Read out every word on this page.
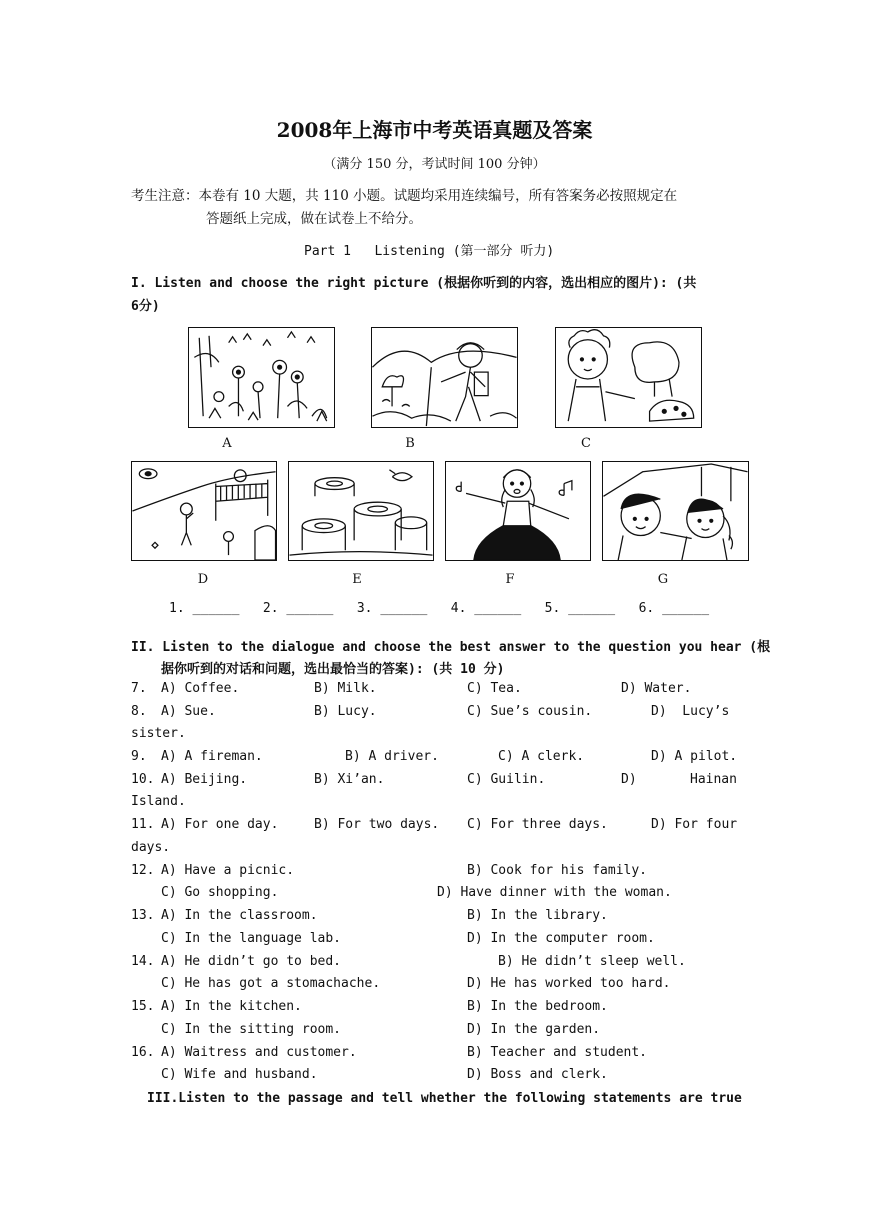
2008年上海市中考英语真题及答案
（满分 150 分，考试时间 100 分钟）
考生注意：本卷有 10 大题，共 110 小题。试题均采用连续编号，所有答案务必按照规定在
答题纸上完成，做在试卷上不给分。
Part 1   Listening (第一部分 听力)
I. Listen and choose the right picture (根据你听到的内容，选出相应的图片): (共
6分)
A	B	C
D	E	F	G
1. ______   2. ______   3. ______   4. ______   5. ______   6. ______
II. Listen to the dialogue and choose the best answer to the question you hear (根
据你听到的对话和问题，选出最恰当的答案): (共 10 分)
7. A) Coffee.	B) Milk.	C) Tea.	D) Water.
8. A) Sue.	B) Lucy.	C) Sue’s cousin.	D)  Lucy’s
sister.
9. A) A fireman.	B) A driver.	C) A clerk.	D) A pilot.
10. A) Beijing.	B) Xi’an.	C) Guilin.	D)	Hainan
Island.
11. A) For one day.	B) For two days. C) For three days.	D) For four
days.
12. A) Have a picnic.	B) Cook for his family.
C) Go shopping.	D) Have dinner with the woman.
13. A) In the classroom.	B) In the library.
C) In the language lab.	D) In the computer room.
14. A) He didn’t go to bed.	B) He didn’t sleep well.
C) He has got a stomachache.	D) He has worked too hard.
15. A) In the kitchen.	B) In the bedroom.
C) In the sitting room.	D) In the garden.
16. A) Waitress and customer.	B) Teacher and student.
C) Wife and husband.	D) Boss and clerk.
III.Listen to the passage and tell whether the following statements are true
